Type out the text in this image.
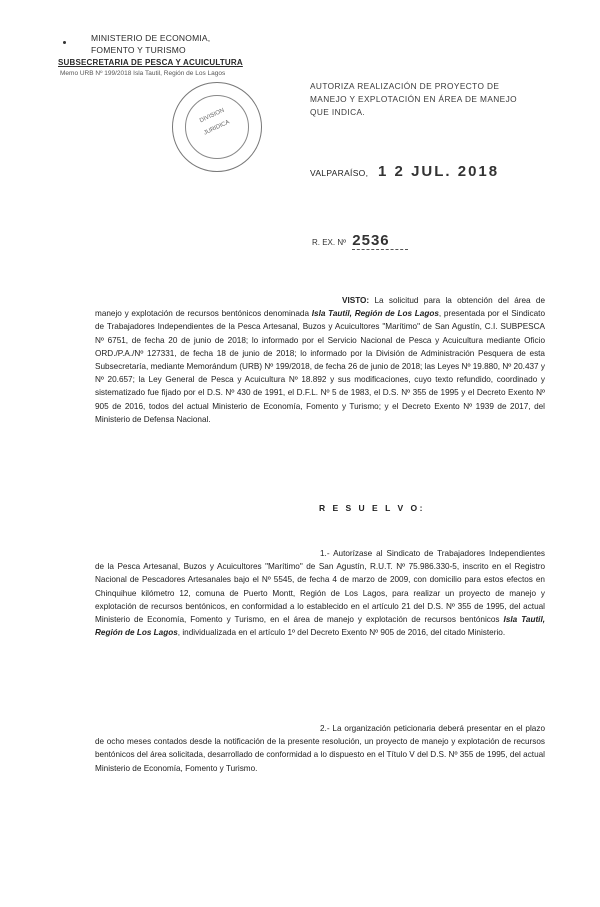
MINISTERIO DE ECONOMIA,
FOMENTO Y TURISMO
SUBSECRETARIA DE PESCA Y ACUICULTURA
Memo URB Nº 199/2018 Isla Tautil, Región de Los Lagos
DIVISION
JURIDICA
AUTORIZA REALIZACIÓN DE PROYECTO DE
MANEJO Y EXPLOTACIÓN EN ÁREA DE MANEJO
QUE INDICA.
VALPARAÍSO, 1 2 JUL. 2018
R. EX. Nº 2536

VISTO: La solicitud para la obtención del área de manejo y explotación de recursos bentónicos denominada Isla Tautil, Región de Los Lagos, presentada por el Sindicato de Trabajadores Independientes de la Pesca Artesanal, Buzos y Acuicultores "Marítimo" de San Agustín, C.I. SUBPESCA Nº 6751, de fecha 20 de junio de 2018; lo informado por el Servicio Nacional de Pesca y Acuicultura mediante Oficio ORD./P.A./Nº 127331, de fecha 18 de junio de 2018; lo informado por la División de Administración Pesquera de esta Subsecretaría, mediante Memorándum (URB) Nº 199/2018, de fecha 26 de junio de 2018; las Leyes Nº 19.880, Nº 20.437 y Nº 20.657; la Ley General de Pesca y Acuicultura Nº 18.892 y sus modificaciones, cuyo texto refundido, coordinado y sistematizado fue fijado por el D.S. Nº 430 de 1991, el D.F.L. Nº 5 de 1983, el D.S. Nº 355 de 1995 y el Decreto Exento Nº 905 de 2016, todos del actual Ministerio de Economía, Fomento y Turismo; y el Decreto Exento Nº 1939 de 2017, del Ministerio de Defensa Nacional.

R E S U E L V O:

1.- Autorízase al Sindicato de Trabajadores Independientes de la Pesca Artesanal, Buzos y Acuicultores "Marítimo" de San Agustín, R.U.T. Nº 75.986.330-5, inscrito en el Registro Nacional de Pescadores Artesanales bajo el Nº 5545, de fecha 4 de marzo de 2009, con domicilio para estos efectos en Chinquihue kilómetro 12, comuna de Puerto Montt, Región de Los Lagos, para realizar un proyecto de manejo y explotación de recursos bentónicos, en conformidad a lo establecido en el artículo 21 del D.S. Nº 355 de 1995, del actual Ministerio de Economía, Fomento y Turismo, en el área de manejo y explotación de recursos bentónicos Isla Tautil, Región de Los Lagos, individualizada en el artículo 1º del Decreto Exento Nº 905 de 2016, del citado Ministerio.

2.- La organización peticionaria deberá presentar en el plazo de ocho meses contados desde la notificación de la presente resolución, un proyecto de manejo y explotación de recursos bentónicos del área solicitada, desarrollado de conformidad a lo dispuesto en el Título V del D.S. Nº 355 de 1995, del actual Ministerio de Economía, Fomento y Turismo.
